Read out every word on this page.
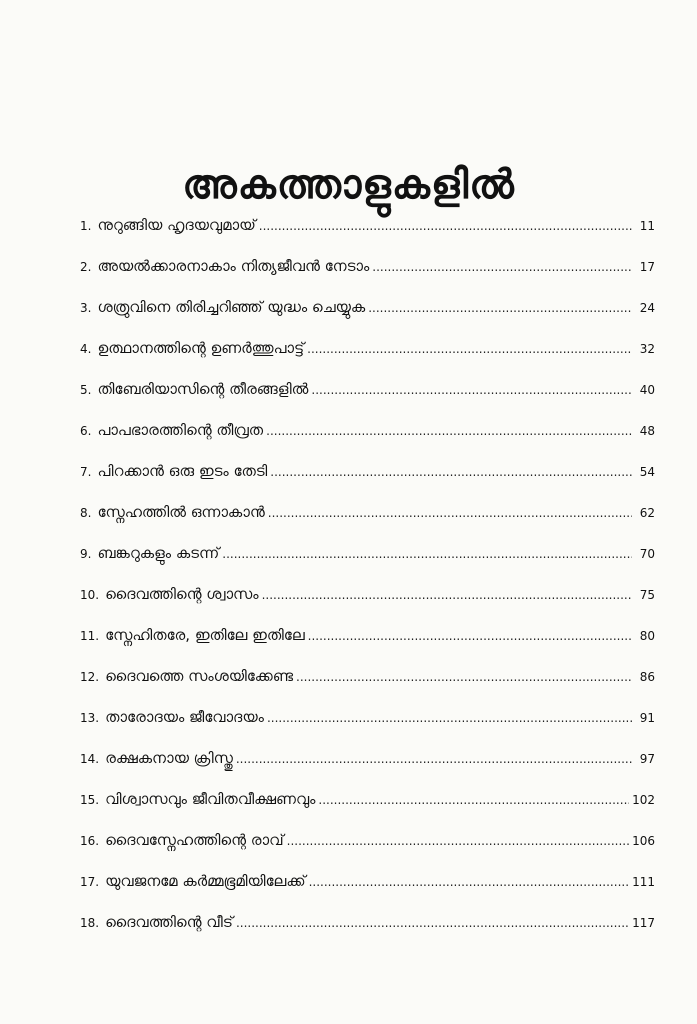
അകത്താളുകളിൽ
1. നുറുങ്ങിയ ഹൃദയവുമായ് .....	11
2. അയൽക്കാരനാകാം നിത്യജീവൻ നേടാം .....	17
3. ശത്രുവിനെ തിരിച്ചറിഞ്ഞ് യുദ്ധം ചെയ്യുക .....	24
4. ഉത്ഥാനത്തിന്റെ ഉണർത്തുപാട്ട് .....	32
5. തിബേരിയാസിന്റെ തീരങ്ങളിൽ .....	40
6. പാപഭാരത്തിന്റെ തീവ്രത .....	48
7. പിറക്കാൻ ഒരു ഇടം തേടി .....	54
8. സ്നേഹത്തിൽ ഒന്നാകാൻ .....	62
9. ബങ്കറുകളും കടന്ന് .....	70
10. ദൈവത്തിന്റെ ശ്വാസം .....	75
11. സ്നേഹിതരേ, ഇതിലേ ഇതിലേ .....	80
12. ദൈവത്തെ സംശയിക്കേണ്ട .....	86
13. താരോദയം ജീവോദയം .....	91
14. രക്ഷകനായ ക്രിസ്തു .....	97
15. വിശ്വാസവും ജീവിതവീക്ഷണവും .....	102
16. ദൈവസ്നേഹത്തിന്റെ രാവ് .....	106
17. യുവജനമേ കർമ്മഭൂമിയിലേക്ക് .....	111
18. ദൈവത്തിന്റെ വീട് .....	117
